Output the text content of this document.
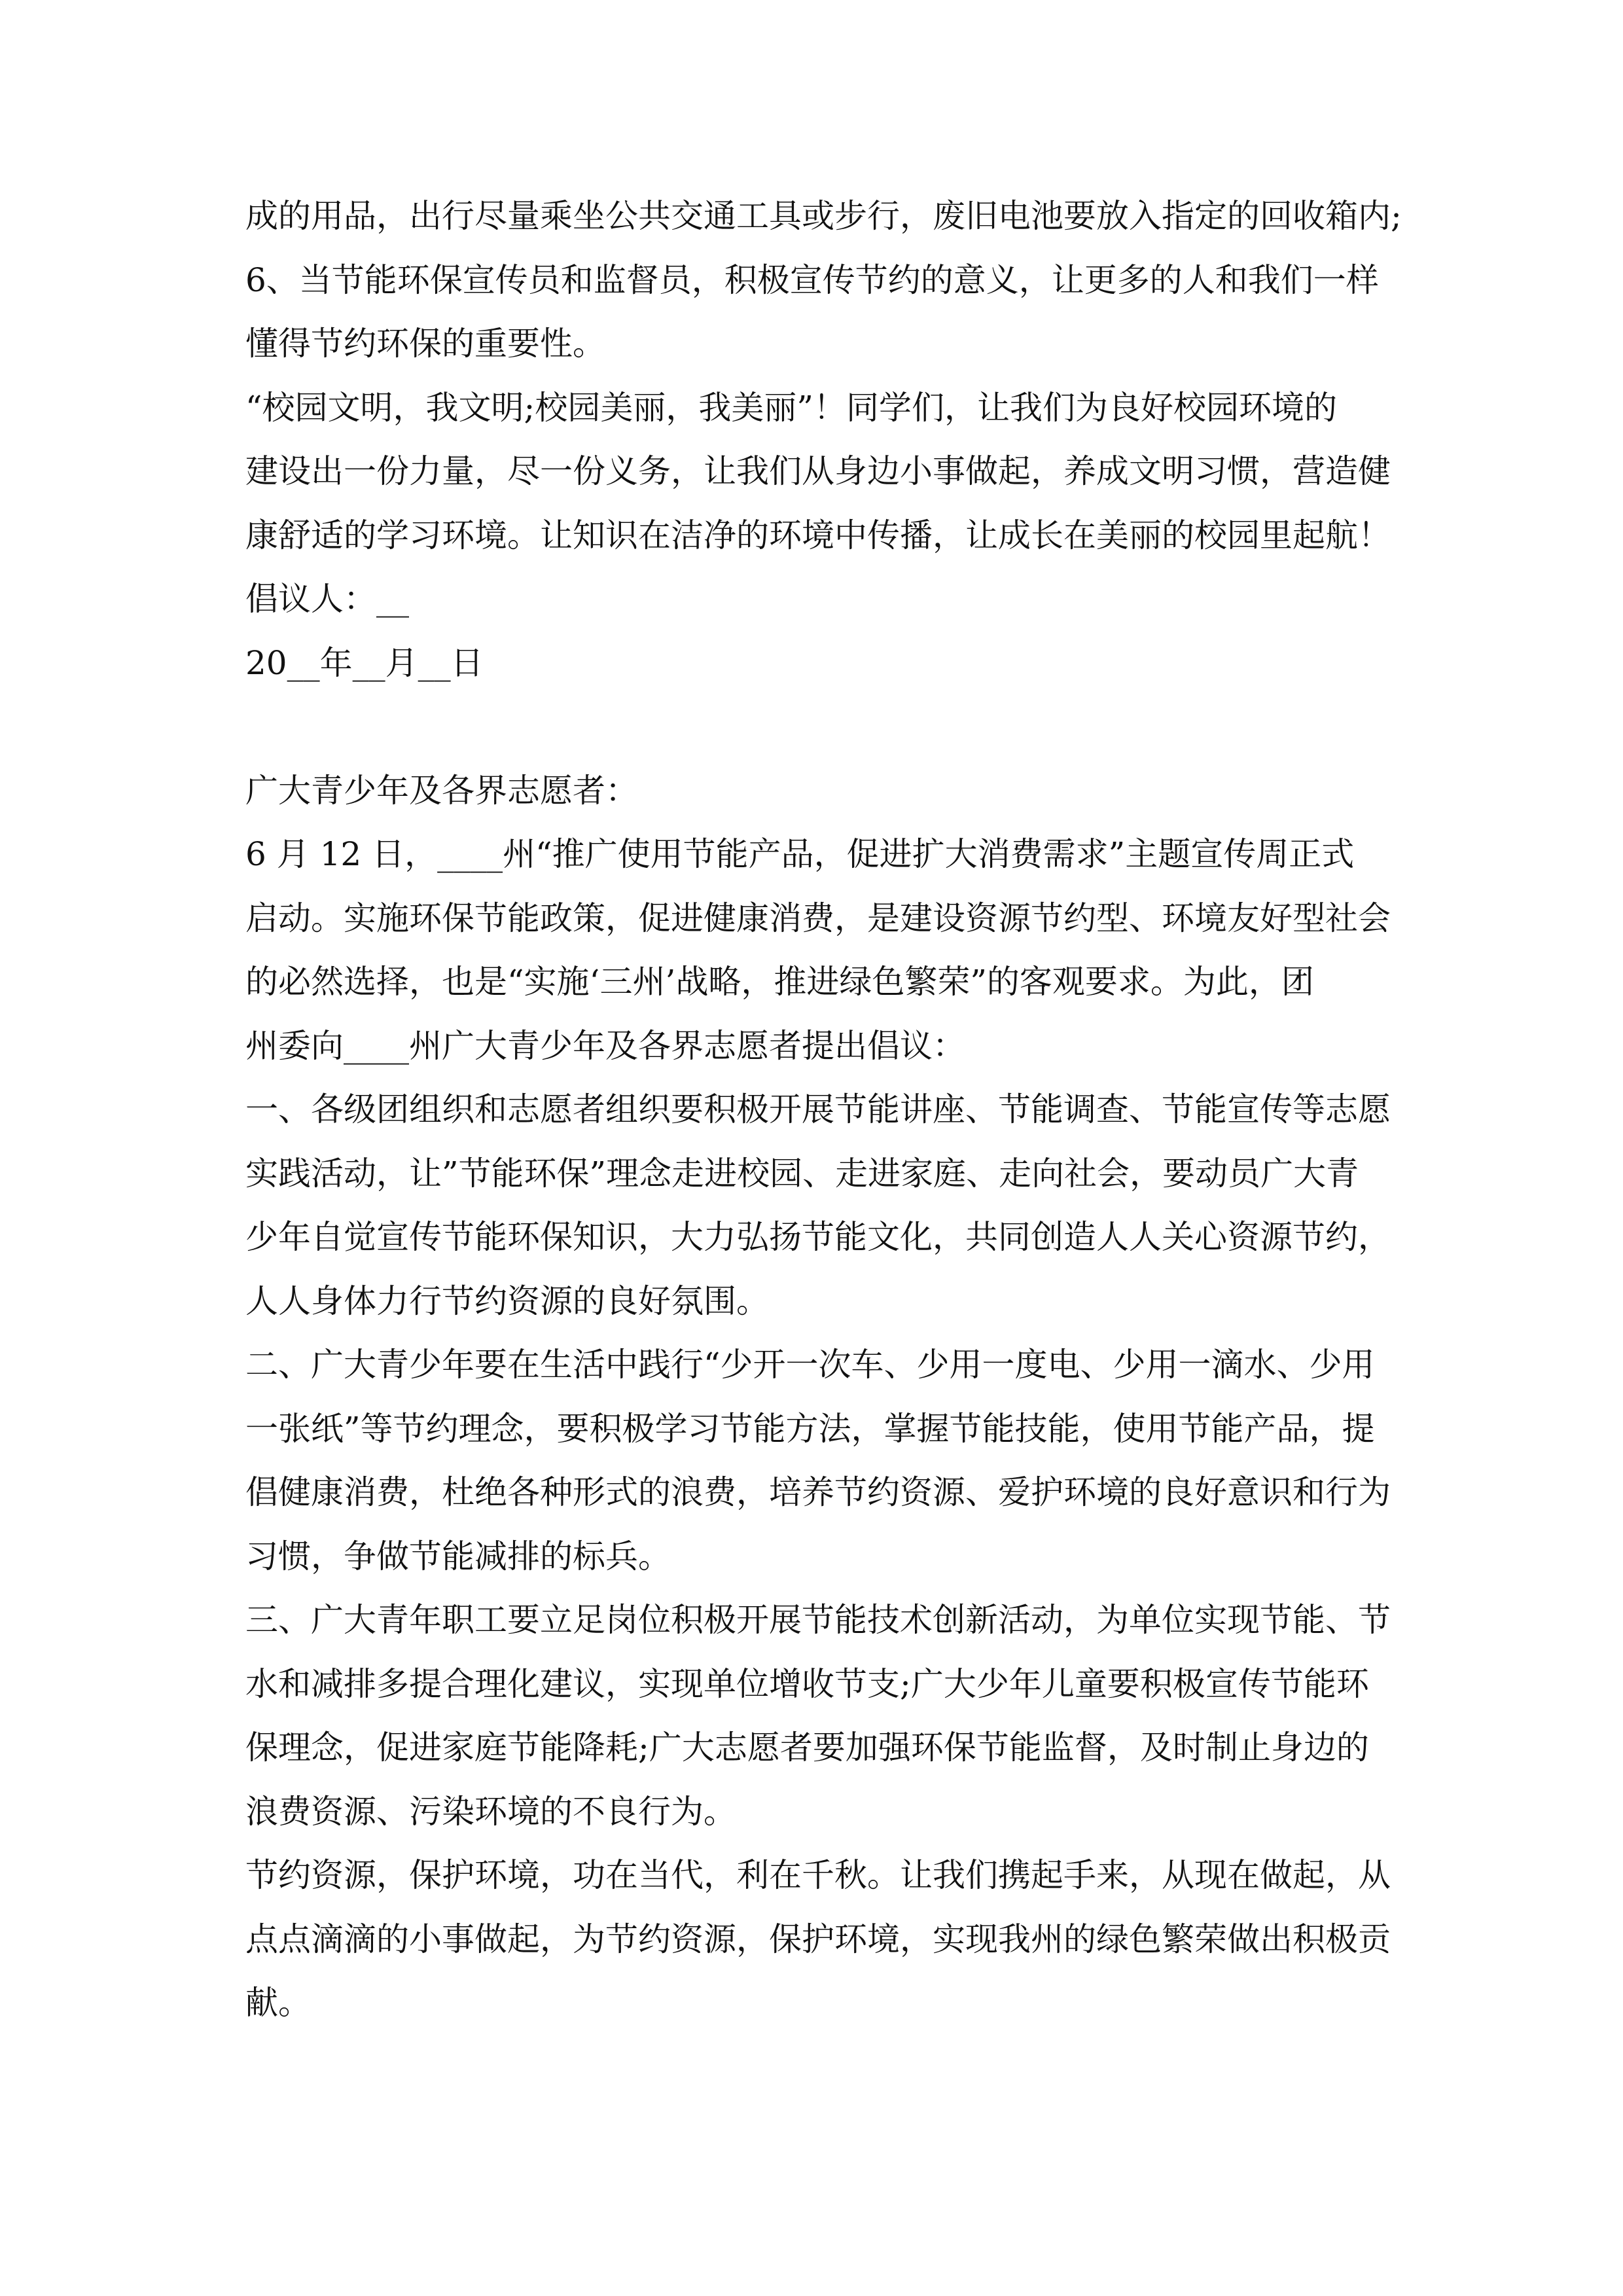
成的用品，出行尽量乘坐公共交通工具或步行，废旧电池要放入指定的回收箱内;
6、当节能环保宣传员和监督员，积极宣传节约的意义，让更多的人和我们一样
懂得节约环保的重要性。
“校园文明，我文明;校园美丽，我美丽”！同学们，让我们为良好校园环境的
建设出一份力量，尽一份义务，让我们从身边小事做起，养成文明习惯，营造健
康舒适的学习环境。让知识在洁净的环境中传播，让成长在美丽的校园里起航！
倡议人：__
20__年__月__日
广大青少年及各界志愿者：
6 月 12 日，____州“推广使用节能产品，促进扩大消费需求”主题宣传周正式
启动。实施环保节能政策，促进健康消费，是建设资源节约型、环境友好型社会
的必然选择，也是“实施‘三州’战略，推进绿色繁荣”的客观要求。为此，团
州委向____州广大青少年及各界志愿者提出倡议：
一、各级团组织和志愿者组织要积极开展节能讲座、节能调查、节能宣传等志愿
实践活动，让”节能环保”理念走进校园、走进家庭、走向社会，要动员广大青
少年自觉宣传节能环保知识，大力弘扬节能文化，共同创造人人关心资源节约，
人人身体力行节约资源的良好氛围。
二、广大青少年要在生活中践行“少开一次车、少用一度电、少用一滴水、少用
一张纸”等节约理念，要积极学习节能方法，掌握节能技能，使用节能产品，提
倡健康消费，杜绝各种形式的浪费，培养节约资源、爱护环境的良好意识和行为
习惯，争做节能减排的标兵。
三、广大青年职工要立足岗位积极开展节能技术创新活动，为单位实现节能、节
水和减排多提合理化建议，实现单位增收节支;广大少年儿童要积极宣传节能环
保理念，促进家庭节能降耗;广大志愿者要加强环保节能监督，及时制止身边的
浪费资源、污染环境的不良行为。
节约资源，保护环境，功在当代，利在千秋。让我们携起手来，从现在做起，从
点点滴滴的小事做起，为节约资源，保护环境，实现我州的绿色繁荣做出积极贡
献。
